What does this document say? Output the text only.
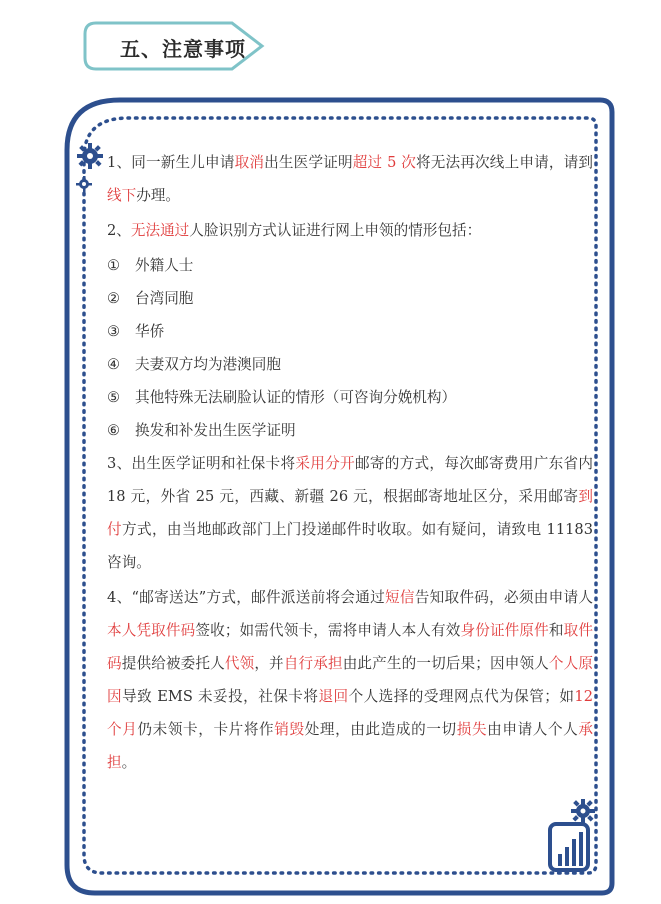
五、注意事项

1、同一新生儿申请取消出生医学证明超过 5 次将无法再次线上申请，请到线下办理。

2、无法通过人脸识别方式认证进行网上申领的情形包括：

① 外籍人士

② 台湾同胞

③ 华侨

④ 夫妻双方均为港澳同胞

⑤ 其他特殊无法刷脸认证的情形（可咨询分娩机构）

⑥ 换发和补发出生医学证明

3、出生医学证明和社保卡将采用分开邮寄的方式，每次邮寄费用广东省内 18 元，外省 25 元，西藏、新疆 26 元，根据邮寄地址区分，采用邮寄到付方式，由当地邮政部门上门投递邮件时收取。如有疑问，请致电 11183 咨询。

4、“邮寄送达”方式，邮件派送前将会通过短信告知取件码，必须由申请人本人凭取件码签收；如需代领卡，需将申请人本人有效身份证件原件和取件码提供给被委托人代领，并自行承担由此产生的一切后果；因申领人个人原因导致 EMS 未妥投，社保卡将退回个人选择的受理网点代为保管；如12 个月仍未领卡，卡片将作销毁处理，由此造成的一切损失由申请人个人承担。
